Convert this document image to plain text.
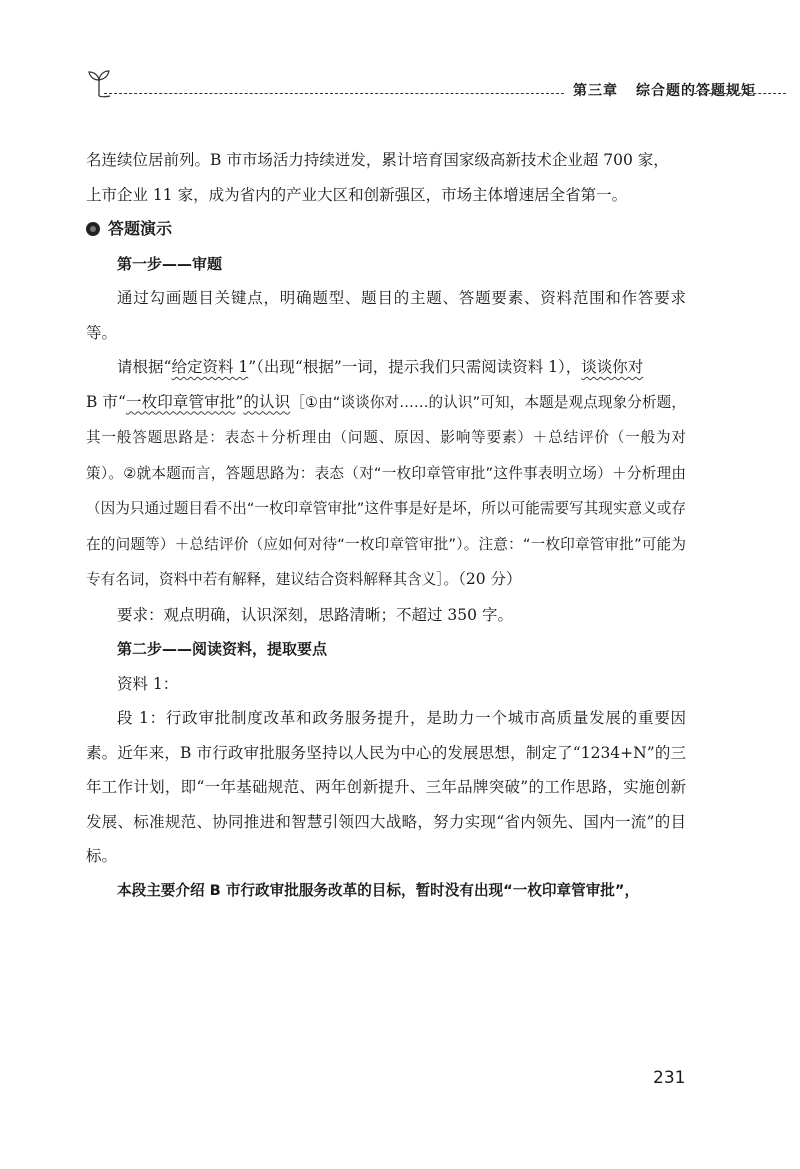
第三章 综合题的答题规矩

名连续位居前列。B 市市场活力持续迸发，累计培育国家级高新技术企业超 700 家，

上市企业 11 家，成为省内的产业大区和创新强区，市场主体增速居全省第一。

答题演示

第一步——审题

通过勾画题目关键点，明确题型、题目的主题、答题要素、资料范围和作答要求等。

请根据“给定资料 1”（出现“根据”一词，提示我们只需阅读资料 1），谈谈你对
B 市“一枚印章管审批”的认识［①由“谈谈你对……的认识”可知，本题是观点现象分析题，其一般答题思路是：表态＋分析理由（问题、原因、影响等要素）＋总结评价（一般为对策）。②就本题而言，答题思路为：表态（对“一枚印章管审批”这件事表明立场）＋分析理由（因为只通过题目看不出“一枚印章管审批”这件事是好是坏，所以可能需要写其现实意义或存在的问题等）＋总结评价（应如何对待“一枚印章管审批”）。注意：“一枚印章管审批”可能为专有名词，资料中若有解释，建议结合资料解释其含义］。（20 分）

要求：观点明确，认识深刻，思路清晰；不超过 350 字。

第二步——阅读资料，提取要点

资料 1：

段 1：行政审批制度改革和政务服务提升，是助力一个城市高质量发展的重要因素。近年来，B 市行政审批服务坚持以人民为中心的发展思想，制定了“1234+N”的三年工作计划，即“一年基础规范、两年创新提升、三年品牌突破”的工作思路，实施创新发展、标准规范、协同推进和智慧引领四大战略，努力实现“省内领先、国内一流”的目标。

本段主要介绍 B 市行政审批服务改革的目标，暂时没有出现“一枚印章管审批”，

231
